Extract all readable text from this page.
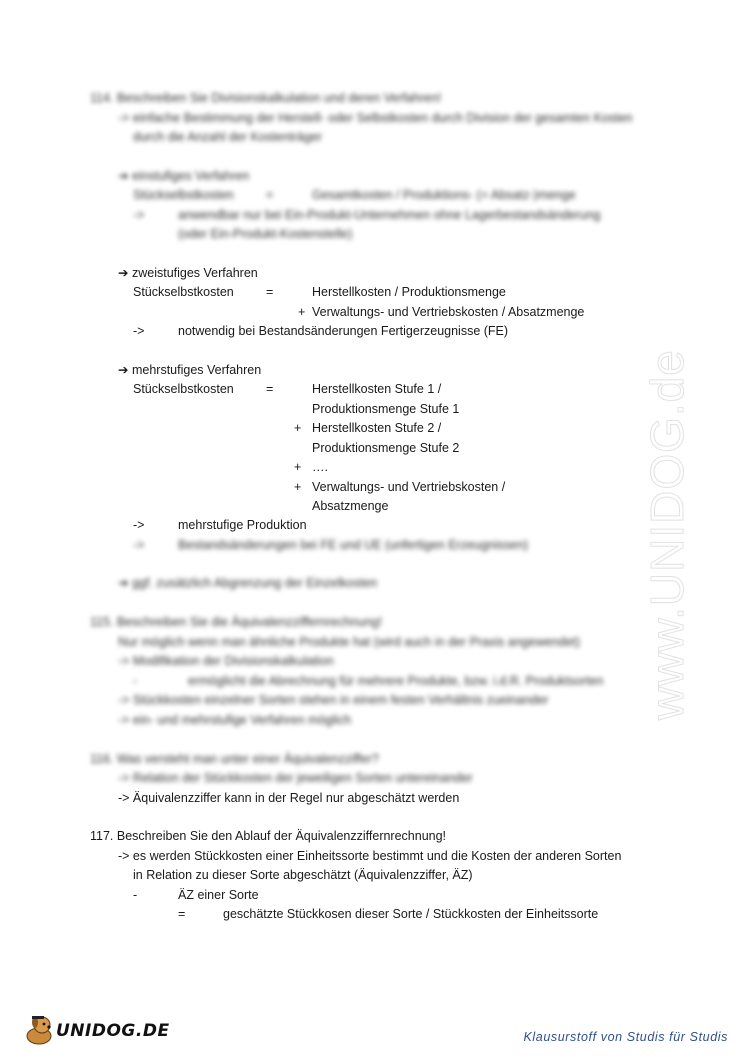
114. Beschreiben Sie Divisionskalkulation und deren Verfahren!
-> einfache Bestimmung der Herstell- oder Selbstkosten durch Division der gesamten Kosten
durch die Anzahl der Kostenträger
➔ einstufiges Verfahren
Stückselbstkosten	=	Gesamtkosten / Produktions- (= Absatz-)menge
->	anwendbar nur bei Ein-Produkt-Unternehmen ohne Lagerbestandsänderung
(oder Ein-Produkt-Kostenstelle)
➔ zweistufiges Verfahren
Stückselbstkosten	=	Herstellkosten / Produktionsmenge
+ Verwaltungs- und Vertriebskosten / Absatzmenge
->	notwendig bei Bestandsänderungen Fertigerzeugnisse (FE)
➔ mehrstufiges Verfahren
Stückselbstkosten	=	Herstellkosten Stufe 1 /
Produktionsmenge Stufe 1
+ Herstellkosten Stufe 2 /
Produktionsmenge Stufe 2
+ ….
+ Verwaltungs- und Vertriebskosten /
Absatzmenge
->	mehrstufige Produktion
->	Bestandsänderungen bei FE und UE (unfertigen Erzeugnissen)
➔ ggf. zusätzlich Abgrenzung der Einzelkosten
115. Beschreiben Sie die Äquivalenzziffernrechnung!
Nur möglich wenn man ähnliche Produkte hat (wird auch in der Praxis angewendet)
-> Modifikation der Divisionskalkulation
-	ermöglicht die Abrechnung für mehrere Produkte, bzw. i.d.R. Produktsorten
-> Stückkosten einzelner Sorten stehen in einem festen Verhältnis zueinander
-> ein- und mehrstufige Verfahren möglich
116. Was versteht man unter einer Äquivalenzziffer?
-> Relation der Stückkosten der jeweiligen Sorten untereinander
-> Äquivalenzziffer kann in der Regel nur abgeschätzt werden
117. Beschreiben Sie den Ablauf der Äquivalenzziffernrechnung!
-> es werden Stückkosten einer Einheitssorte bestimmt und die Kosten der anderen Sorten
in Relation zu dieser Sorte abgeschätzt (Äquivalenzziffer, ÄZ)
-	ÄZ einer Sorte
=	geschätzte Stückkosen dieser Sorte / Stückkosten der Einheitssorte
www.UNIDOG.de
UNIDOG.DE	Klausurstoff von Studis für Studis
